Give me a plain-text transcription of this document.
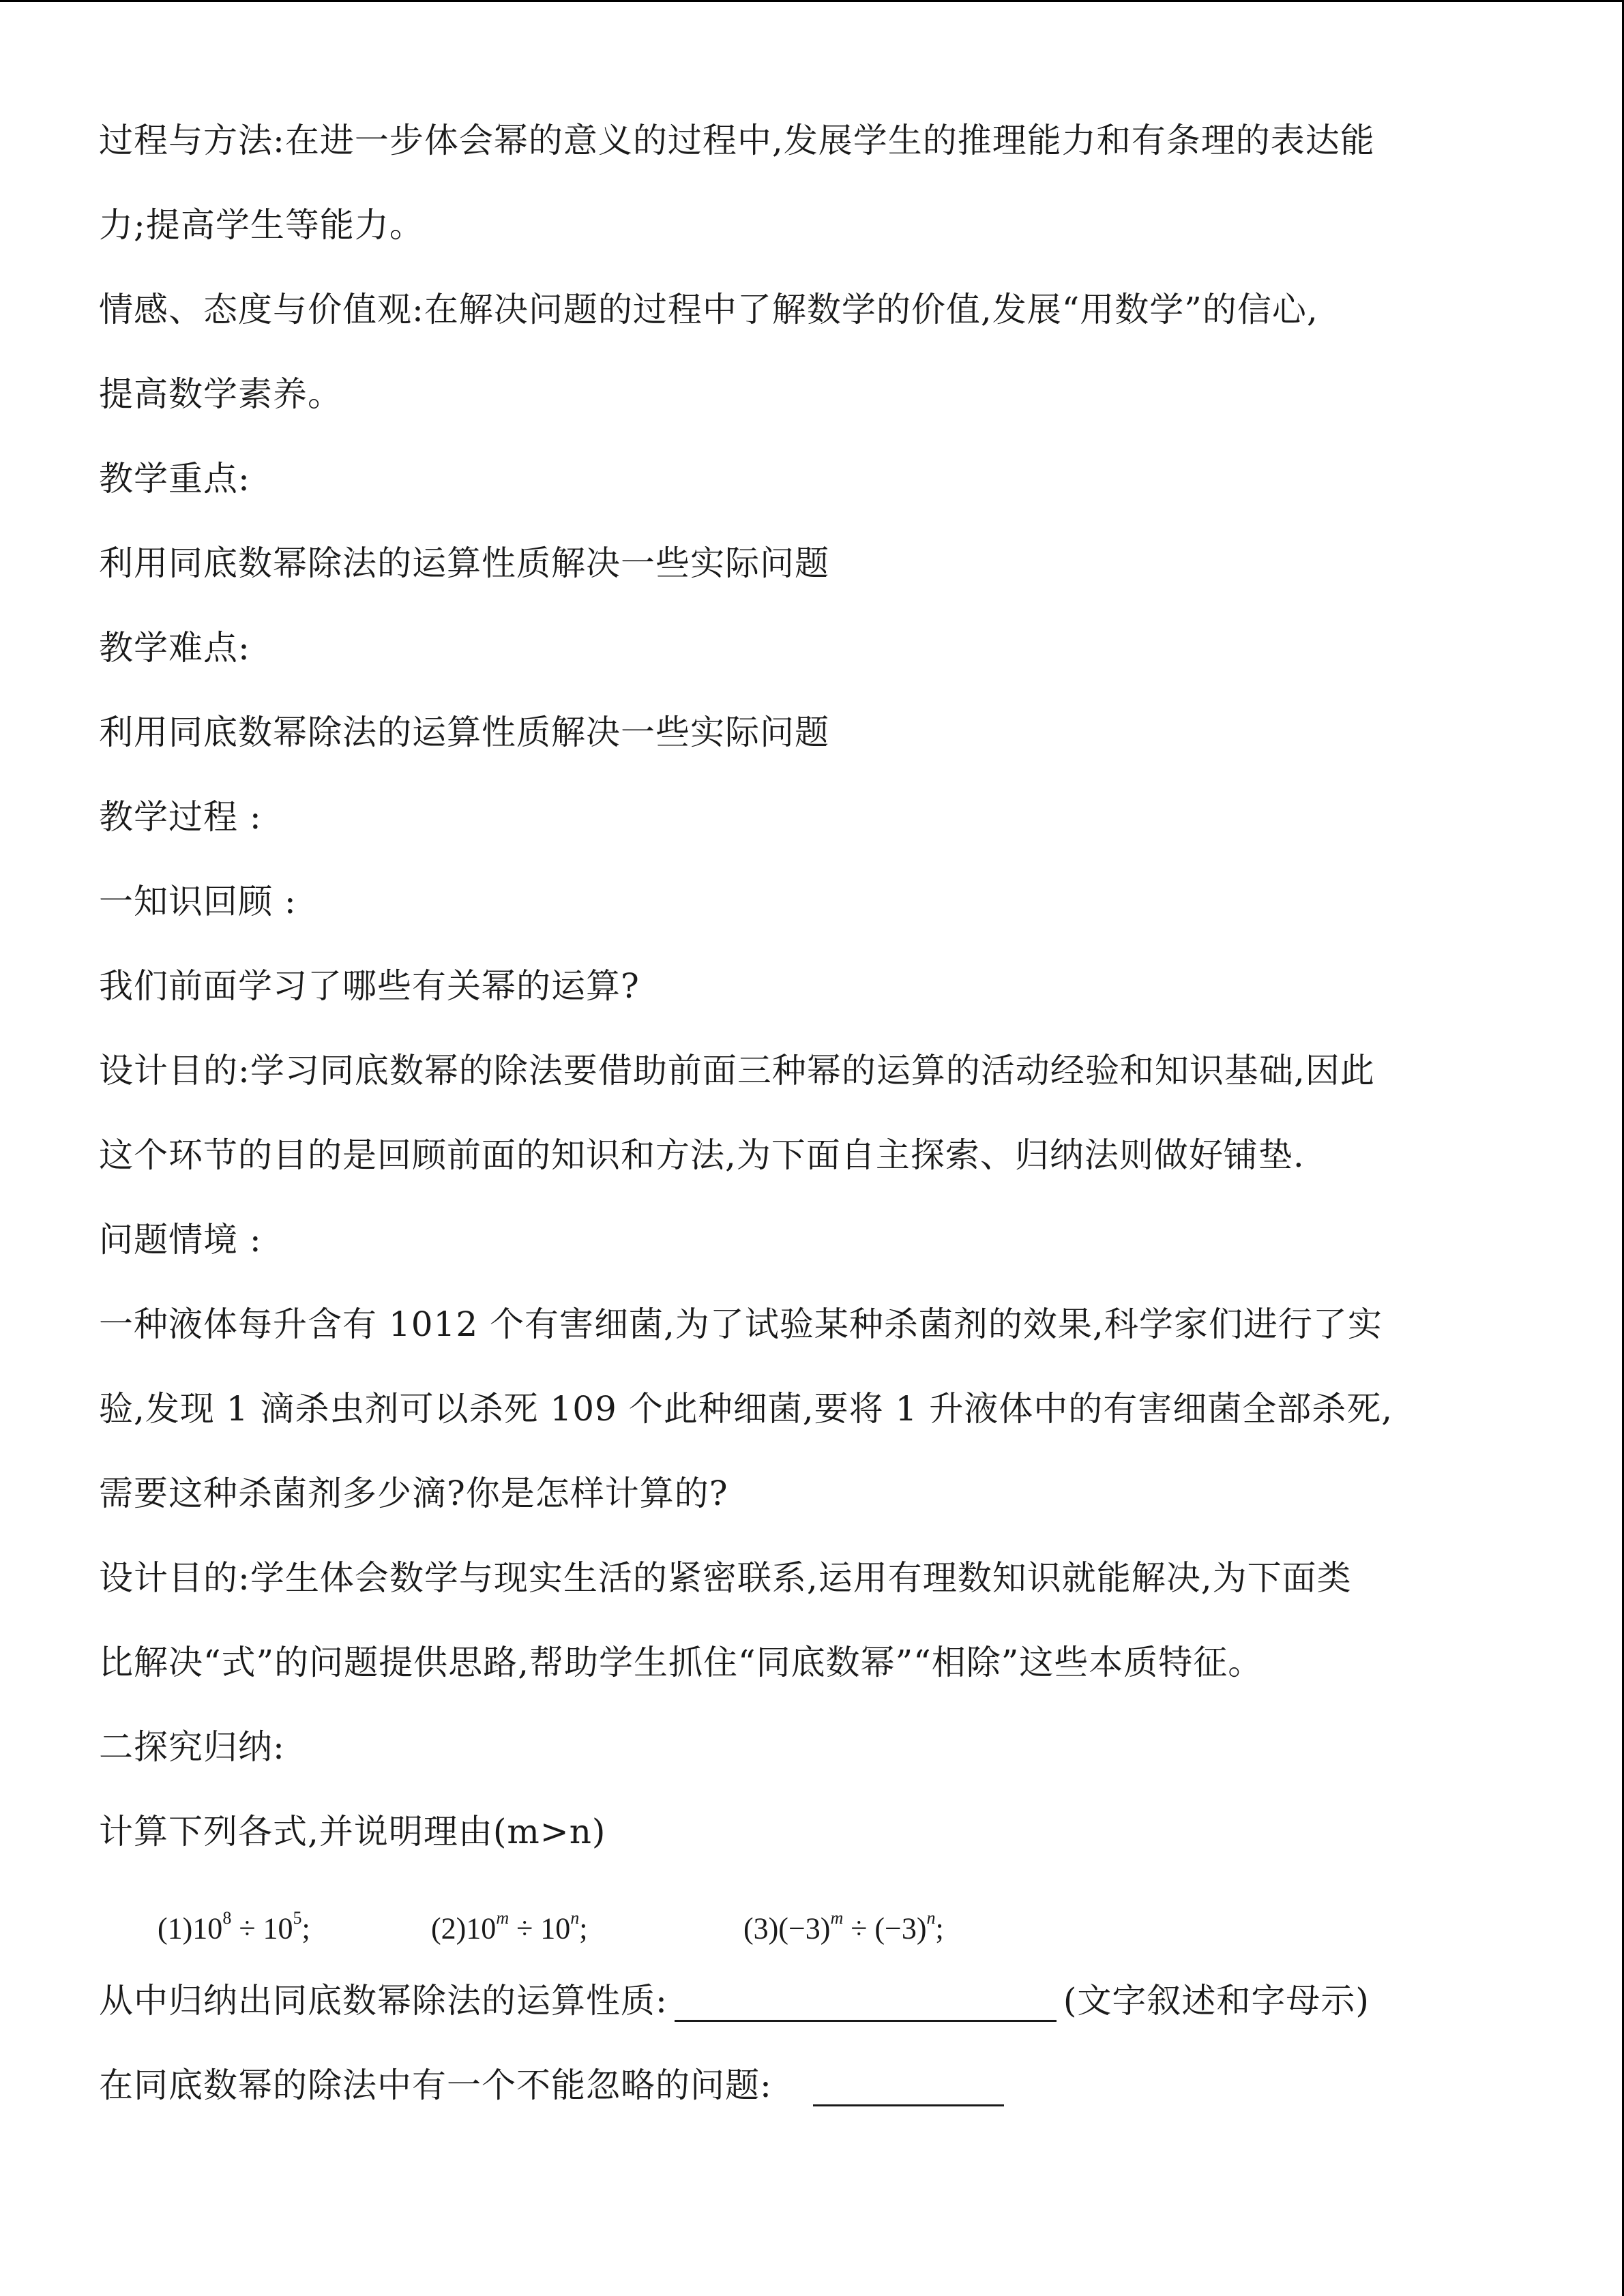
过程与方法:在进一步体会幂的意义的过程中,发展学生的推理能力和有条理的表达能
力;提高学生等能力。
情感、态度与价值观:在解决问题的过程中了解数学的价值,发展“用数学”的信心,
提高数学素养。
教学重点:
利用同底数幂除法的运算性质解决一些实际问题
教学难点:
利用同底数幂除法的运算性质解决一些实际问题
教学过程 :
一知识回顾 :
我们前面学习了哪些有关幂的运算?
设计目的:学习同底数幂的除法要借助前面三种幂的运算的活动经验和知识基础,因此
这个环节的目的是回顾前面的知识和方法,为下面自主探索、归纳法则做好铺垫.
问题情境 :
一种液体每升含有 1012 个有害细菌,为了试验某种杀菌剂的效果,科学家们进行了实
验,发现 1 滴杀虫剂可以杀死 109 个此种细菌,要将 1 升液体中的有害细菌全部杀死,
需要这种杀菌剂多少滴?你是怎样计算的?
设计目的:学生体会数学与现实生活的紧密联系,运用有理数知识就能解决,为下面类
比解决“式”的问题提供思路,帮助学生抓住“同底数幂”“相除”这些本质特征。
二探究归纳:
计算下列各式,并说明理由(m>n)
$(1)10^8 \div 10^5$;	$(2)10^m \div 10^n$;	$(3)(-3)^m \div (-3)^n$;
从中归纳出同底数幂除法的运算性质:	(文字叙述和字母示)
在同底数幂的除法中有一个不能忽略的问题:
